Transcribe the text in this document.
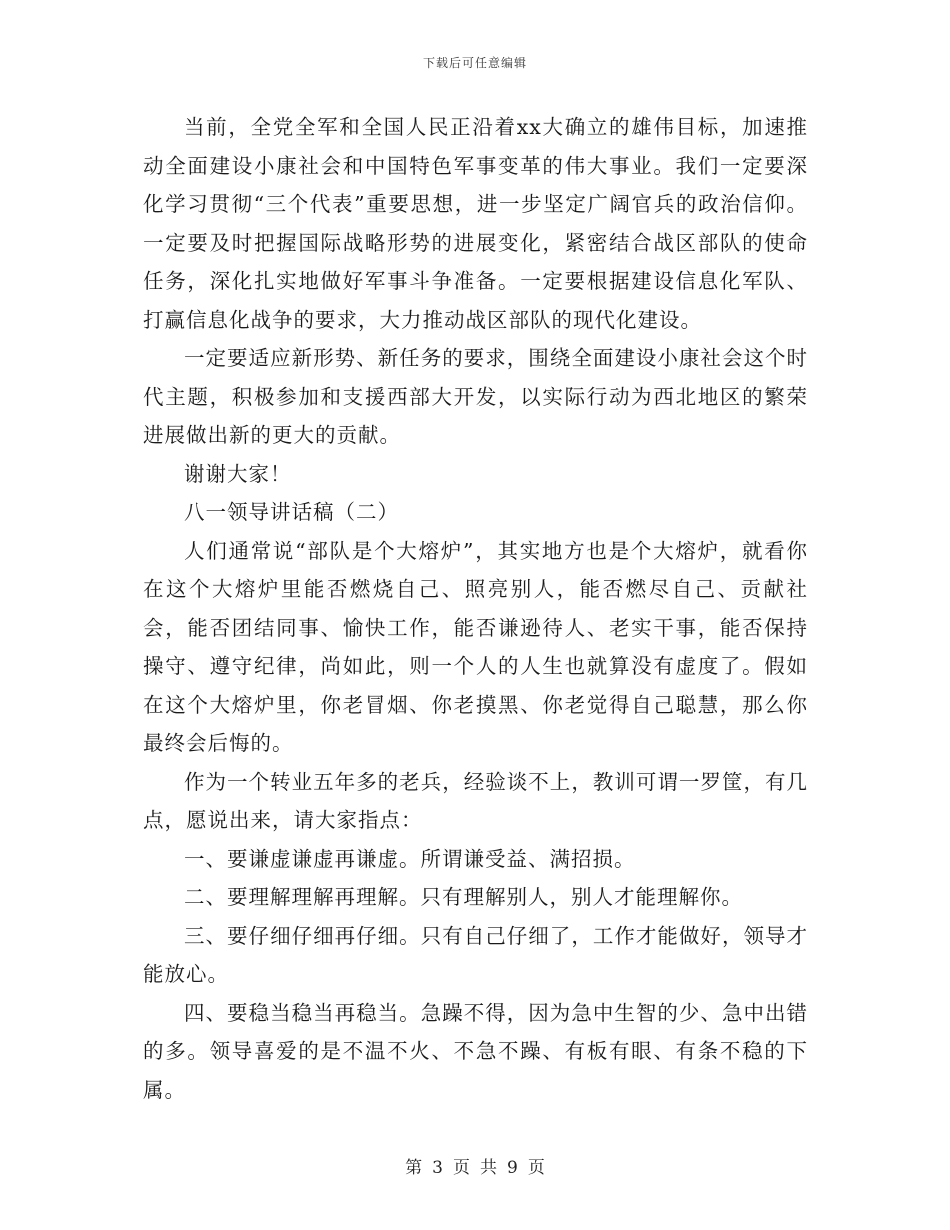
下载后可任意编辑

当前，全党全军和全国人民正沿着xx大确立的雄伟目标，加速推动全面建设小康社会和中国特色军事变革的伟大事业。我们一定要深化学习贯彻“三个代表”重要思想，进一步坚定广阔官兵的政治信仰。一定要及时把握国际战略形势的进展变化，紧密结合战区部队的使命任务，深化扎实地做好军事斗争准备。一定要根据建设信息化军队、打赢信息化战争的要求，大力推动战区部队的现代化建设。

一定要适应新形势、新任务的要求，围绕全面建设小康社会这个时代主题，积极参加和支援西部大开发，以实际行动为西北地区的繁荣进展做出新的更大的贡献。

谢谢大家！

八一领导讲话稿（二）

人们通常说“部队是个大熔炉”，其实地方也是个大熔炉，就看你在这个大熔炉里能否燃烧自己、照亮别人，能否燃尽自己、贡献社会，能否团结同事、愉快工作，能否谦逊待人、老实干事，能否保持操守、遵守纪律，尚如此，则一个人的人生也就算没有虚度了。假如在这个大熔炉里，你老冒烟、你老摸黑、你老觉得自己聪慧，那么你最终会后悔的。

作为一个转业五年多的老兵，经验谈不上，教训可谓一罗筐，有几点，愿说出来，请大家指点：

一、要谦虚谦虚再谦虚。所谓谦受益、满招损。

二、要理解理解再理解。只有理解别人，别人才能理解你。

三、要仔细仔细再仔细。只有自己仔细了，工作才能做好，领导才能放心。

四、要稳当稳当再稳当。急躁不得，因为急中生智的少、急中出错的多。领导喜爱的是不温不火、不急不躁、有板有眼、有条不稳的下属。

第 3 页 共 9 页
